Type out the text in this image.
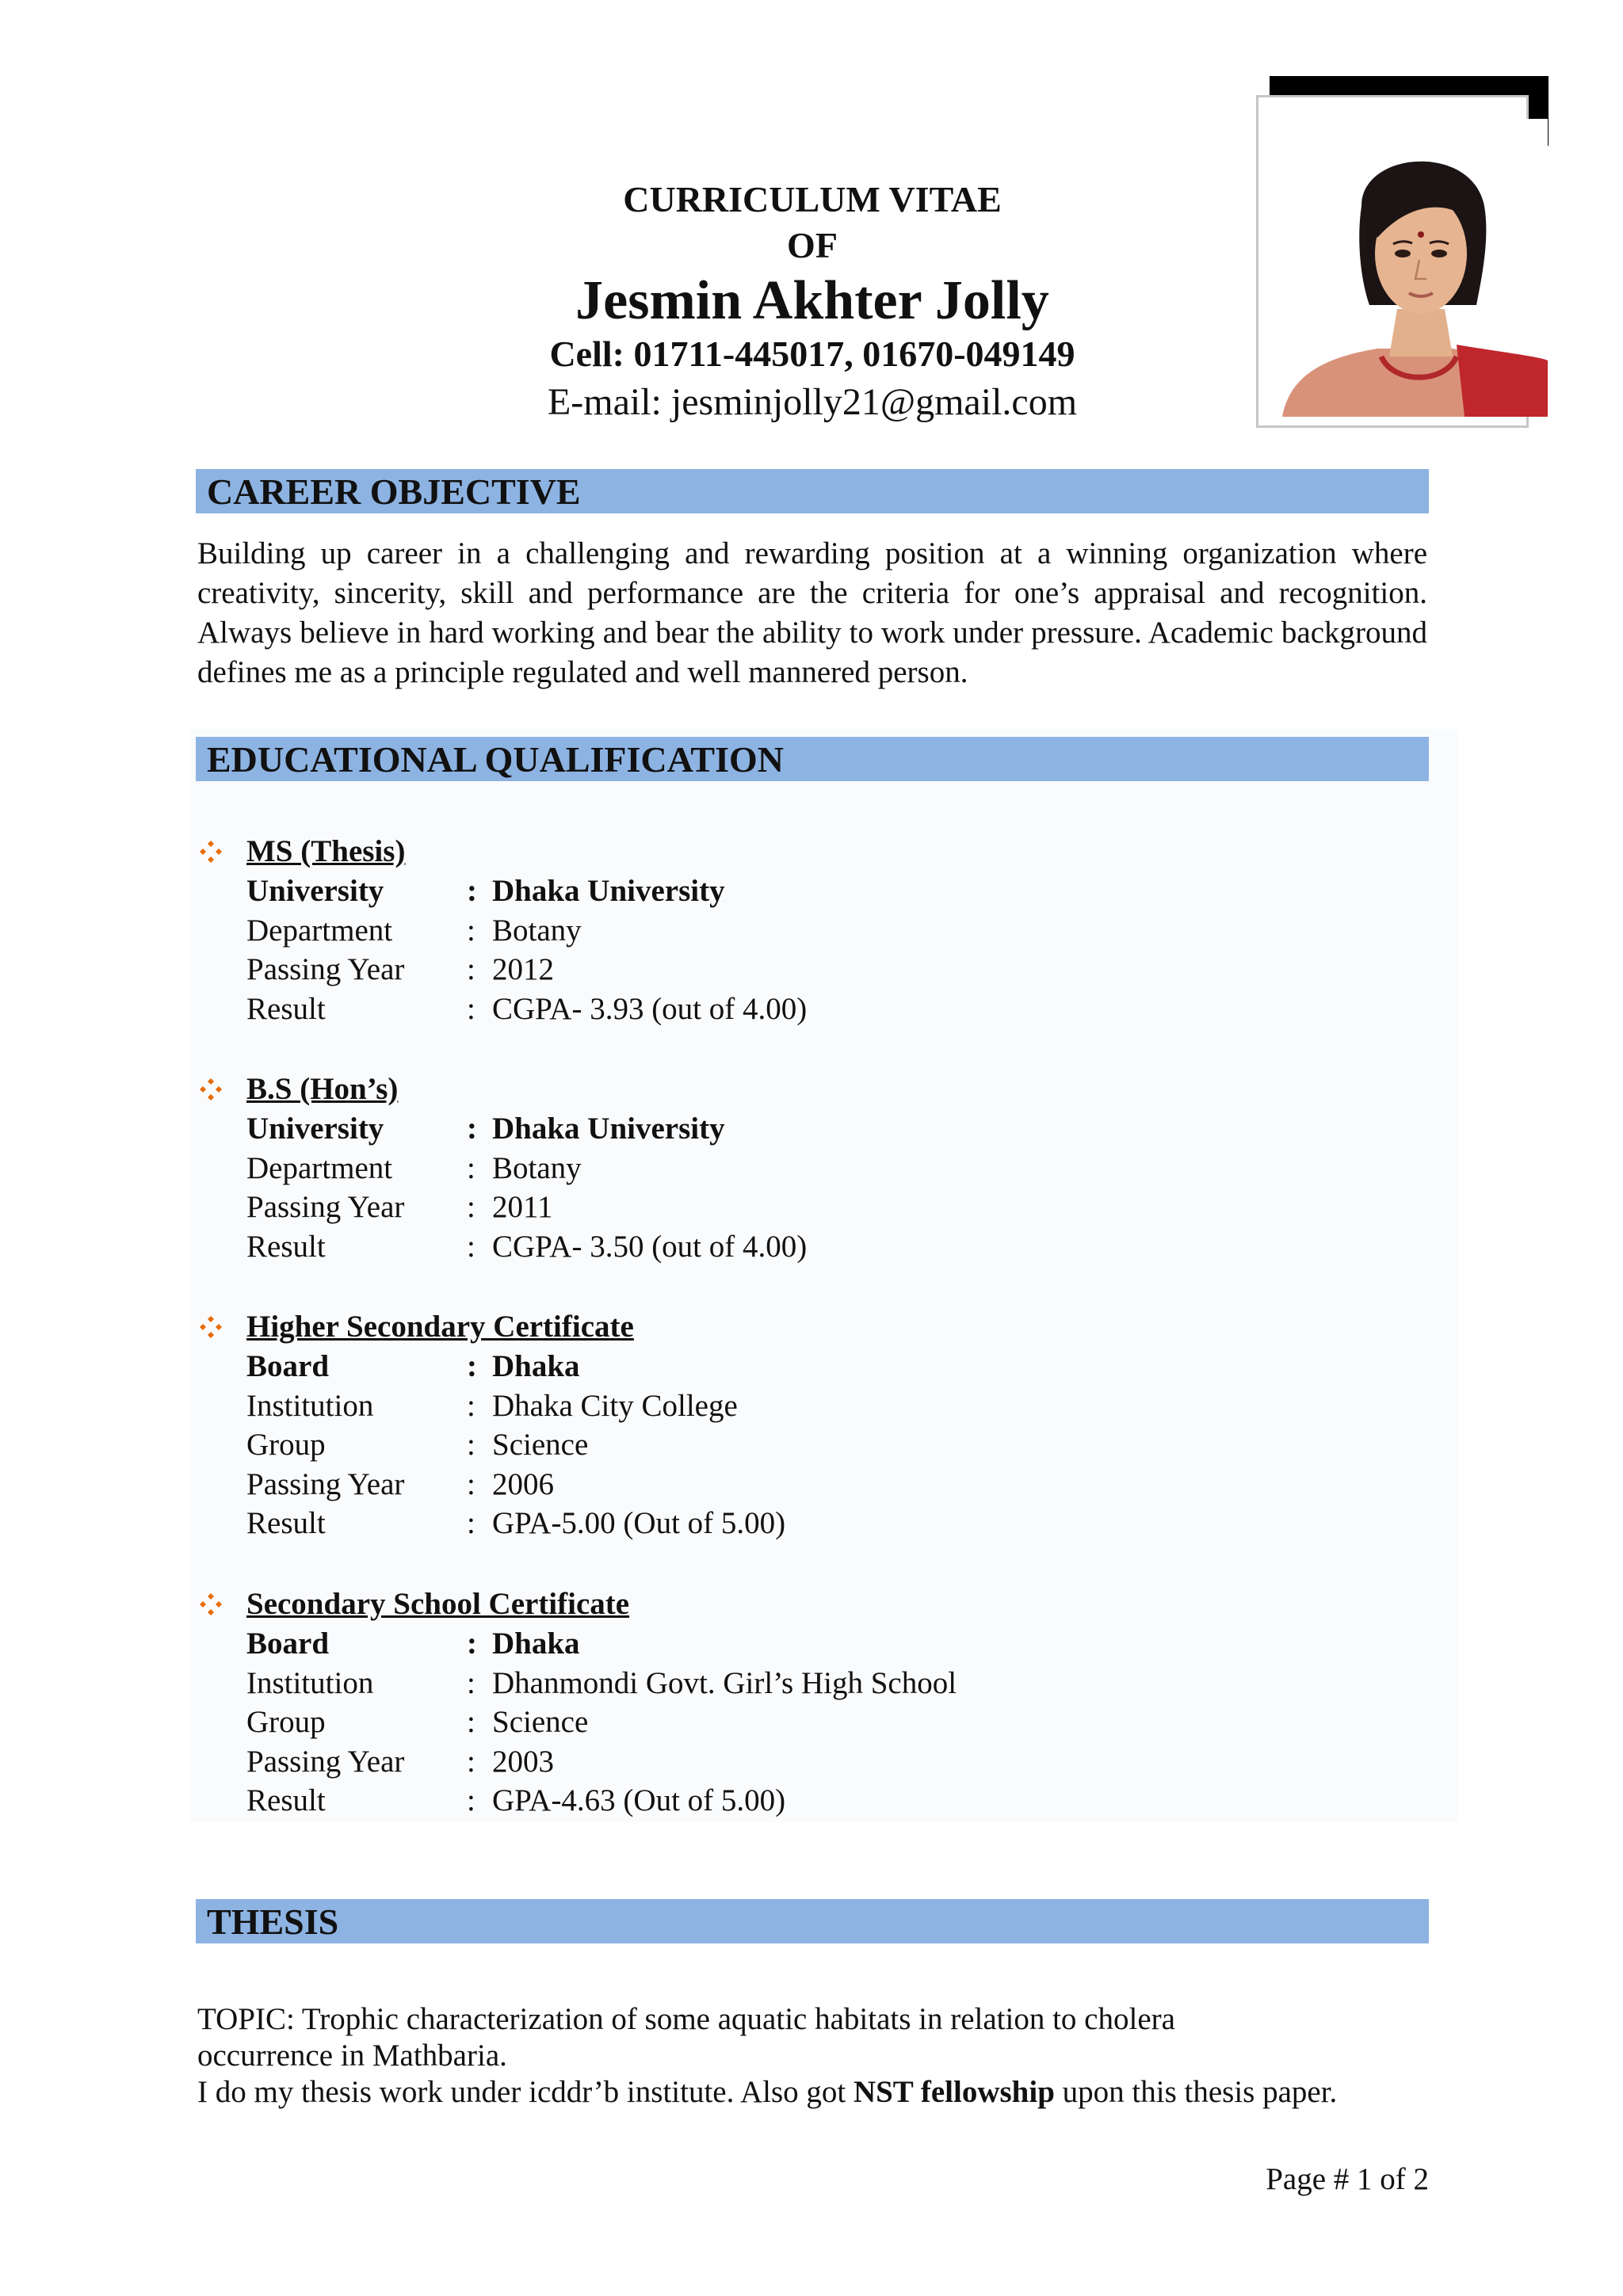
CURRICULUM VITAE
OF
Jesmin Akhter Jolly
Cell: 01711-445017, 01670-049149
E-mail: jesminjolly21@gmail.com
CAREER OBJECTIVE

Building up career in a challenging and rewarding position at a winning organization where creativity, sincerity, skill and performance are the criteria for one’s appraisal and recognition. Always believe in hard working and bear the ability to work under pressure. Academic background defines me as a principle regulated and well mannered person.

EDUCATIONAL QUALIFICATION
MS (Thesis)
University	: Dhaka University
Department : Botany
Passing Year : 2012
Result	: CGPA- 3.93 (out of 4.00)
B.S (Hon’s)
University	: Dhaka University
Department : Botany
Passing Year : 2011
Result	: CGPA- 3.50 (out of 4.00)
Higher Secondary Certificate
Board	: Dhaka
Institution	: Dhaka City College
Group	: Science
Passing Year : 2006
Result	: GPA-5.00 (Out of 5.00)
Secondary School Certificate
Board	: Dhaka
Institution	: Dhanmondi Govt. Girl’s High School
Group	: Science
Passing Year : 2003
Result	: GPA-4.63 (Out of 5.00)
THESIS
TOPIC: Trophic characterization of some aquatic habitats in relation to cholera
occurrence in Mathbaria.
I do my thesis work under icddr’b institute. Also got NST fellowship upon this thesis paper.
Page # 1 of 2
